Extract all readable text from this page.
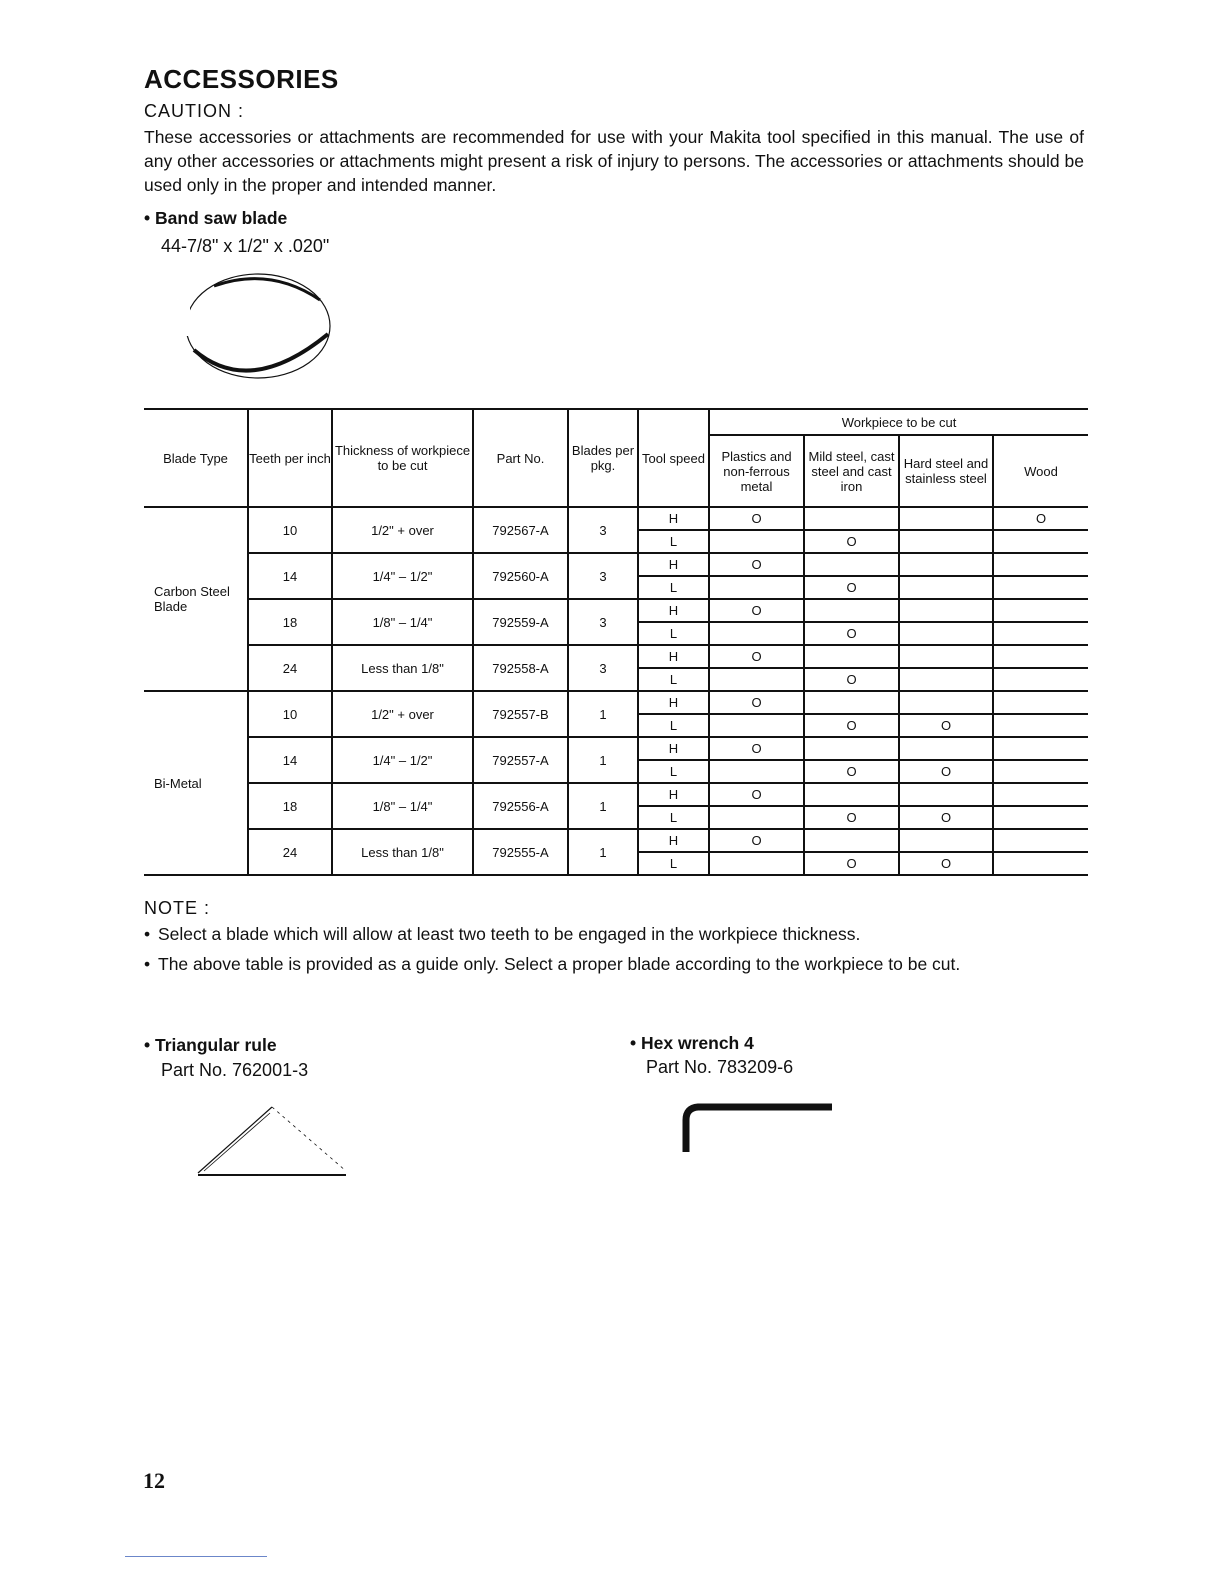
ACCESSORIES
CAUTION :
These accessories or attachments are recommended for use with your Makita tool specified in this manual. The use of any other accessories or attachments might present a risk of injury to persons. The accessories or attachments should be used only in the proper and intended manner.
• Band saw blade
44-7/8" x 1/2" x .020"
Blade Type	Teeth per inch	Thickness of workpiece to be cut	Part No.	Blades per pkg.	Tool speed	Workpiece to be cut			
						Plastics and non-ferrous metal	Mild steel, cast steel and cast iron	Hard steel and stainless steel	Wood
Carbon Steel Blade	10	1/2" + over	792567-A	3	H	O			O
					L		O		
	14	1/4" – 1/2"	792560-A	3	H	O			
					L		O		
	18	1/8" – 1/4"	792559-A	3	H	O			
					L		O		
	24	Less than 1/8"	792558-A	3	H	O			
					L		O		
Bi-Metal	10	1/2" + over	792557-B	1	H	O			
					L		O	O	
	14	1/4" – 1/2"	792557-A	1	H	O			
					L		O	O	
	18	1/8" – 1/4"	792556-A	1	H	O			
					L		O	O	
	24	Less than 1/8"	792555-A	1	H	O			
					L		O	O	
NOTE :
• Select a blade which will allow at least two teeth to be engaged in the workpiece thickness.
• The above table is provided as a guide only. Select a proper blade according to the workpiece to be cut.
• Triangular rule
Part No. 762001-3
• Hex wrench 4
Part No. 783209-6
12
